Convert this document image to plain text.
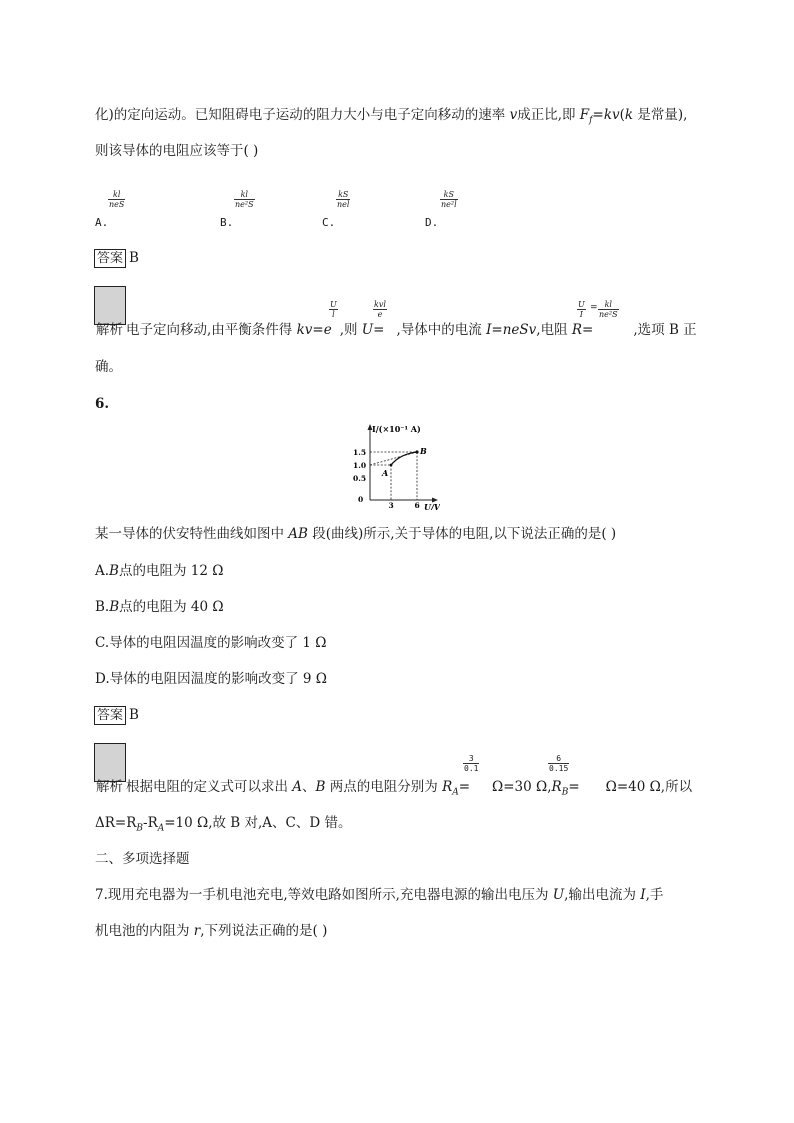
化)的定向运动。已知阻碍电子运动的阻力大小与电子定向移动的速率 v成正比,即 $F_f=kv(k$ 是常量),
则该导体的电阻应该等于( )
A.
kl
neS
B.
kl
ne²S
C.
kS
nel
D.
kS
ne²l
答案 B
解析 电子定向移动,由平衡条件得 kv=e ,则 U= ,导体中的电流 I=neSv,电阻 R=	,选项 B 正
U
l
kvl
e
U
I
= kl
ne²S
确。
6.
I/(×10⁻¹ A)
U/V
0
1.5
1.0
0.5
3	6
A
B
某一导体的伏安特性曲线如图中 AB 段(曲线)所示,关于导体的电阻,以下说法正确的是( )
A.B点的电阻为 12 Ω
B.B点的电阻为 40 Ω
C.导体的电阻因温度的影响改变了 1 Ω
D.导体的电阻因温度的影响改变了 9 Ω
答案 B
解析 根据电阻的定义式可以求出 A、B 两点的电阻分别为 $R_A= \Omega=30$ $\Omega,R_B= \Omega=40$ Ω,所以
3
0.1
6
0.15
$\Delta R=R_B-R_A=10$ Ω,故 B 对,A、C、D 错。
二、多项选择题
7.现用充电器为一手机电池充电,等效电路如图所示,充电器电源的输出电压为 U,输出电流为 I,手
机电池的内阻为 r,下列说法正确的是( )
